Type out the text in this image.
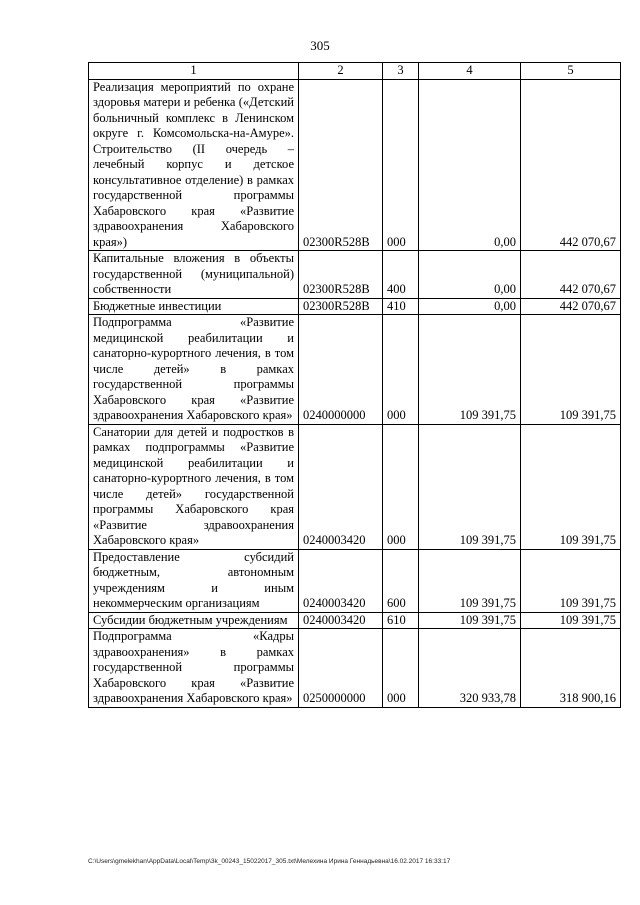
305
1	2	3	4	5
Реализация мероприятий по охране здоровья матери и ребенка («Детский больничный комплекс в Ленинском округе г. Комсомольска-на-Амуре». Строительство (II очередь – лечебный корпус и детское консультативное отделение) в рамках государственной программы Хабаровского края «Развитие здравоохранения Хабаровского края»)	02300R528B	000	0,00	442 070,67
Капитальные вложения в объекты государственной (муниципальной) собственности	02300R528B	400	0,00	442 070,67
Бюджетные инвестиции	02300R528B	410	0,00	442 070,67
Подпрограмма «Развитие медицинской реабилитации и санаторно-курортного лечения, в том числе детей» в рамках государственной программы Хабаровского края «Развитие здравоохранения Хабаровского края»	0240000000	000	109 391,75	109 391,75
Санатории для детей и подростков в рамках подпрограммы «Развитие медицинской реабилитации и санаторно-курортного лечения, в том числе детей» государственной программы Хабаровского края «Развитие здравоохранения Хабаровского края»	0240003420	000	109 391,75	109 391,75
Предоставление субсидий бюджетным, автономным учреждениям и иным некоммерческим организациям	0240003420	600	109 391,75	109 391,75
Субсидии бюджетным учреждениям	0240003420	610	109 391,75	109 391,75
Подпрограмма «Кадры здравоохранения» в рамках государственной программы Хабаровского края «Развитие здравоохранения Хабаровского края»	0250000000	000	320 933,78	318 900,16
C:\Users\gmelekhan\AppData\Local\Temp\3k_00243_15022017_305.txt\Мелехина Ирина Геннадьевна\16.02.2017 16:33:17
